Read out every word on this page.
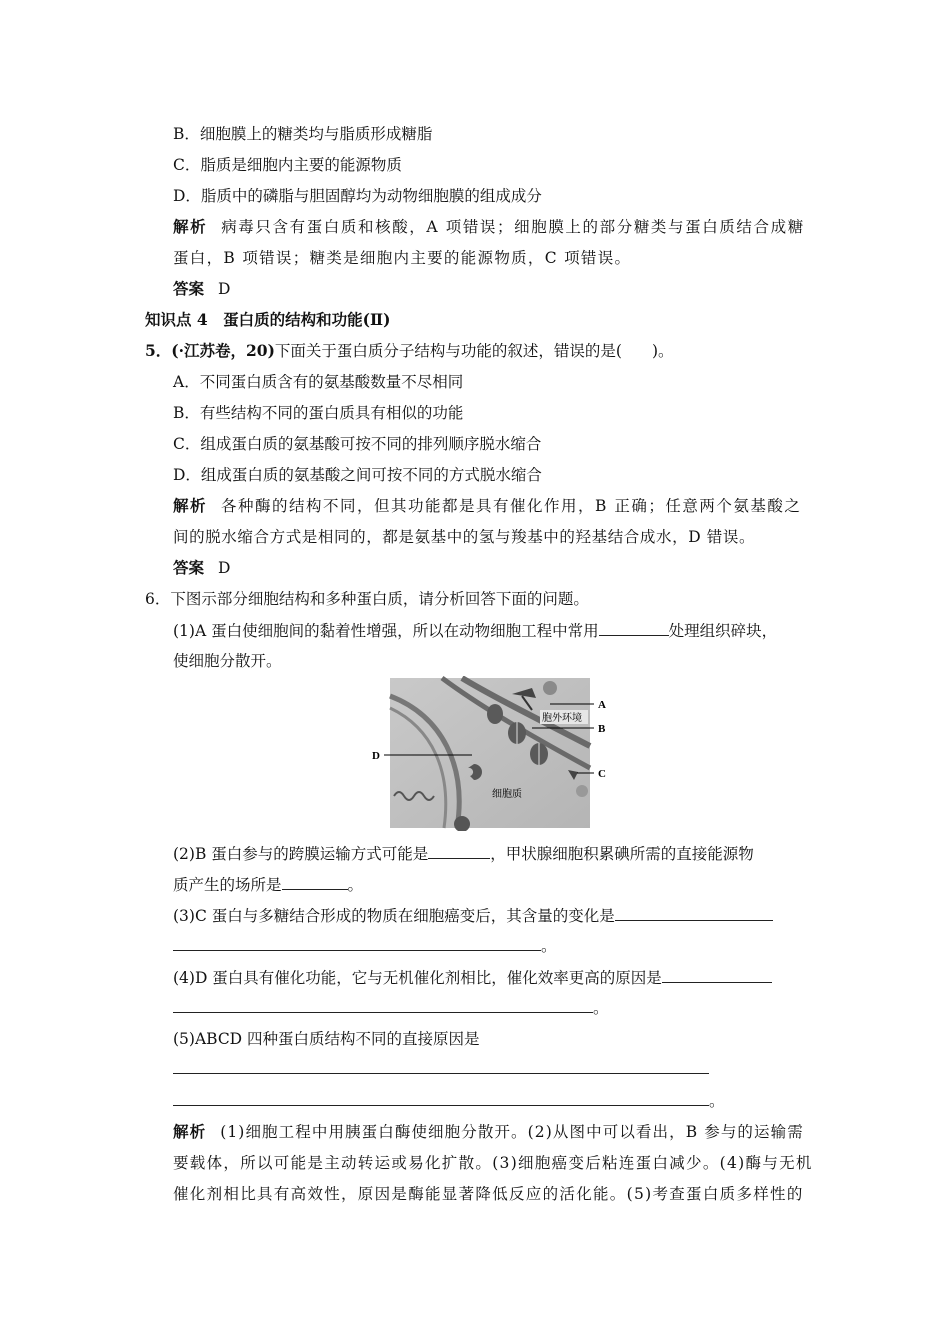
B．细胞膜上的糖类均与脂质形成糖脂
C．脂质是细胞内主要的能源物质
D．脂质中的磷脂与胆固醇均为动物细胞膜的组成成分
解析 病毒只含有蛋白质和核酸，A 项错误；细胞膜上的部分糖类与蛋白质结合成糖
蛋白，B 项错误；糖类是细胞内主要的能源物质，C 项错误。
答案 D
知识点 4　蛋白质的结构和功能(Ⅱ)
5．(·江苏卷，20)下面关于蛋白质分子结构与功能的叙述，错误的是( )。
A．不同蛋白质含有的氨基酸数量不尽相同
B．有些结构不同的蛋白质具有相似的功能
C．组成蛋白质的氨基酸可按不同的排列顺序脱水缩合
D．组成蛋白质的氨基酸之间可按不同的方式脱水缩合
解析 各种酶的结构不同，但其功能都是具有催化作用，B 正确；任意两个氨基酸之
间的脱水缩合方式是相同的，都是氨基中的氢与羧基中的羟基结合成水，D 错误。
答案 D
6．下图示部分细胞结构和多种蛋白质，请分析回答下面的问题。
(1)A 蛋白使细胞间的黏着性增强，所以在动物细胞工程中常用	处理组织碎块，
使细胞分散开。
A
B
C
D
胞外环境
细胞质
(2)B 蛋白参与的跨膜运输方式可能是	，甲状腺细胞积累碘所需的直接能源物
质产生的场所是	。
(3)C 蛋白与多糖结合形成的物质在细胞癌变后，其含量的变化是
。
(4)D 蛋白具有催化功能，它与无机催化剂相比，催化效率更高的原因是
。
(5)ABCD 四种蛋白质结构不同的直接原因是
。
解析 (1)细胞工程中用胰蛋白酶使细胞分散开。(2)从图中可以看出，B 参与的运输需
要载体，所以可能是主动转运或易化扩散。(3)细胞癌变后粘连蛋白减少。(4)酶与无机
催化剂相比具有高效性，原因是酶能显著降低反应的活化能。(5)考查蛋白质多样性的
